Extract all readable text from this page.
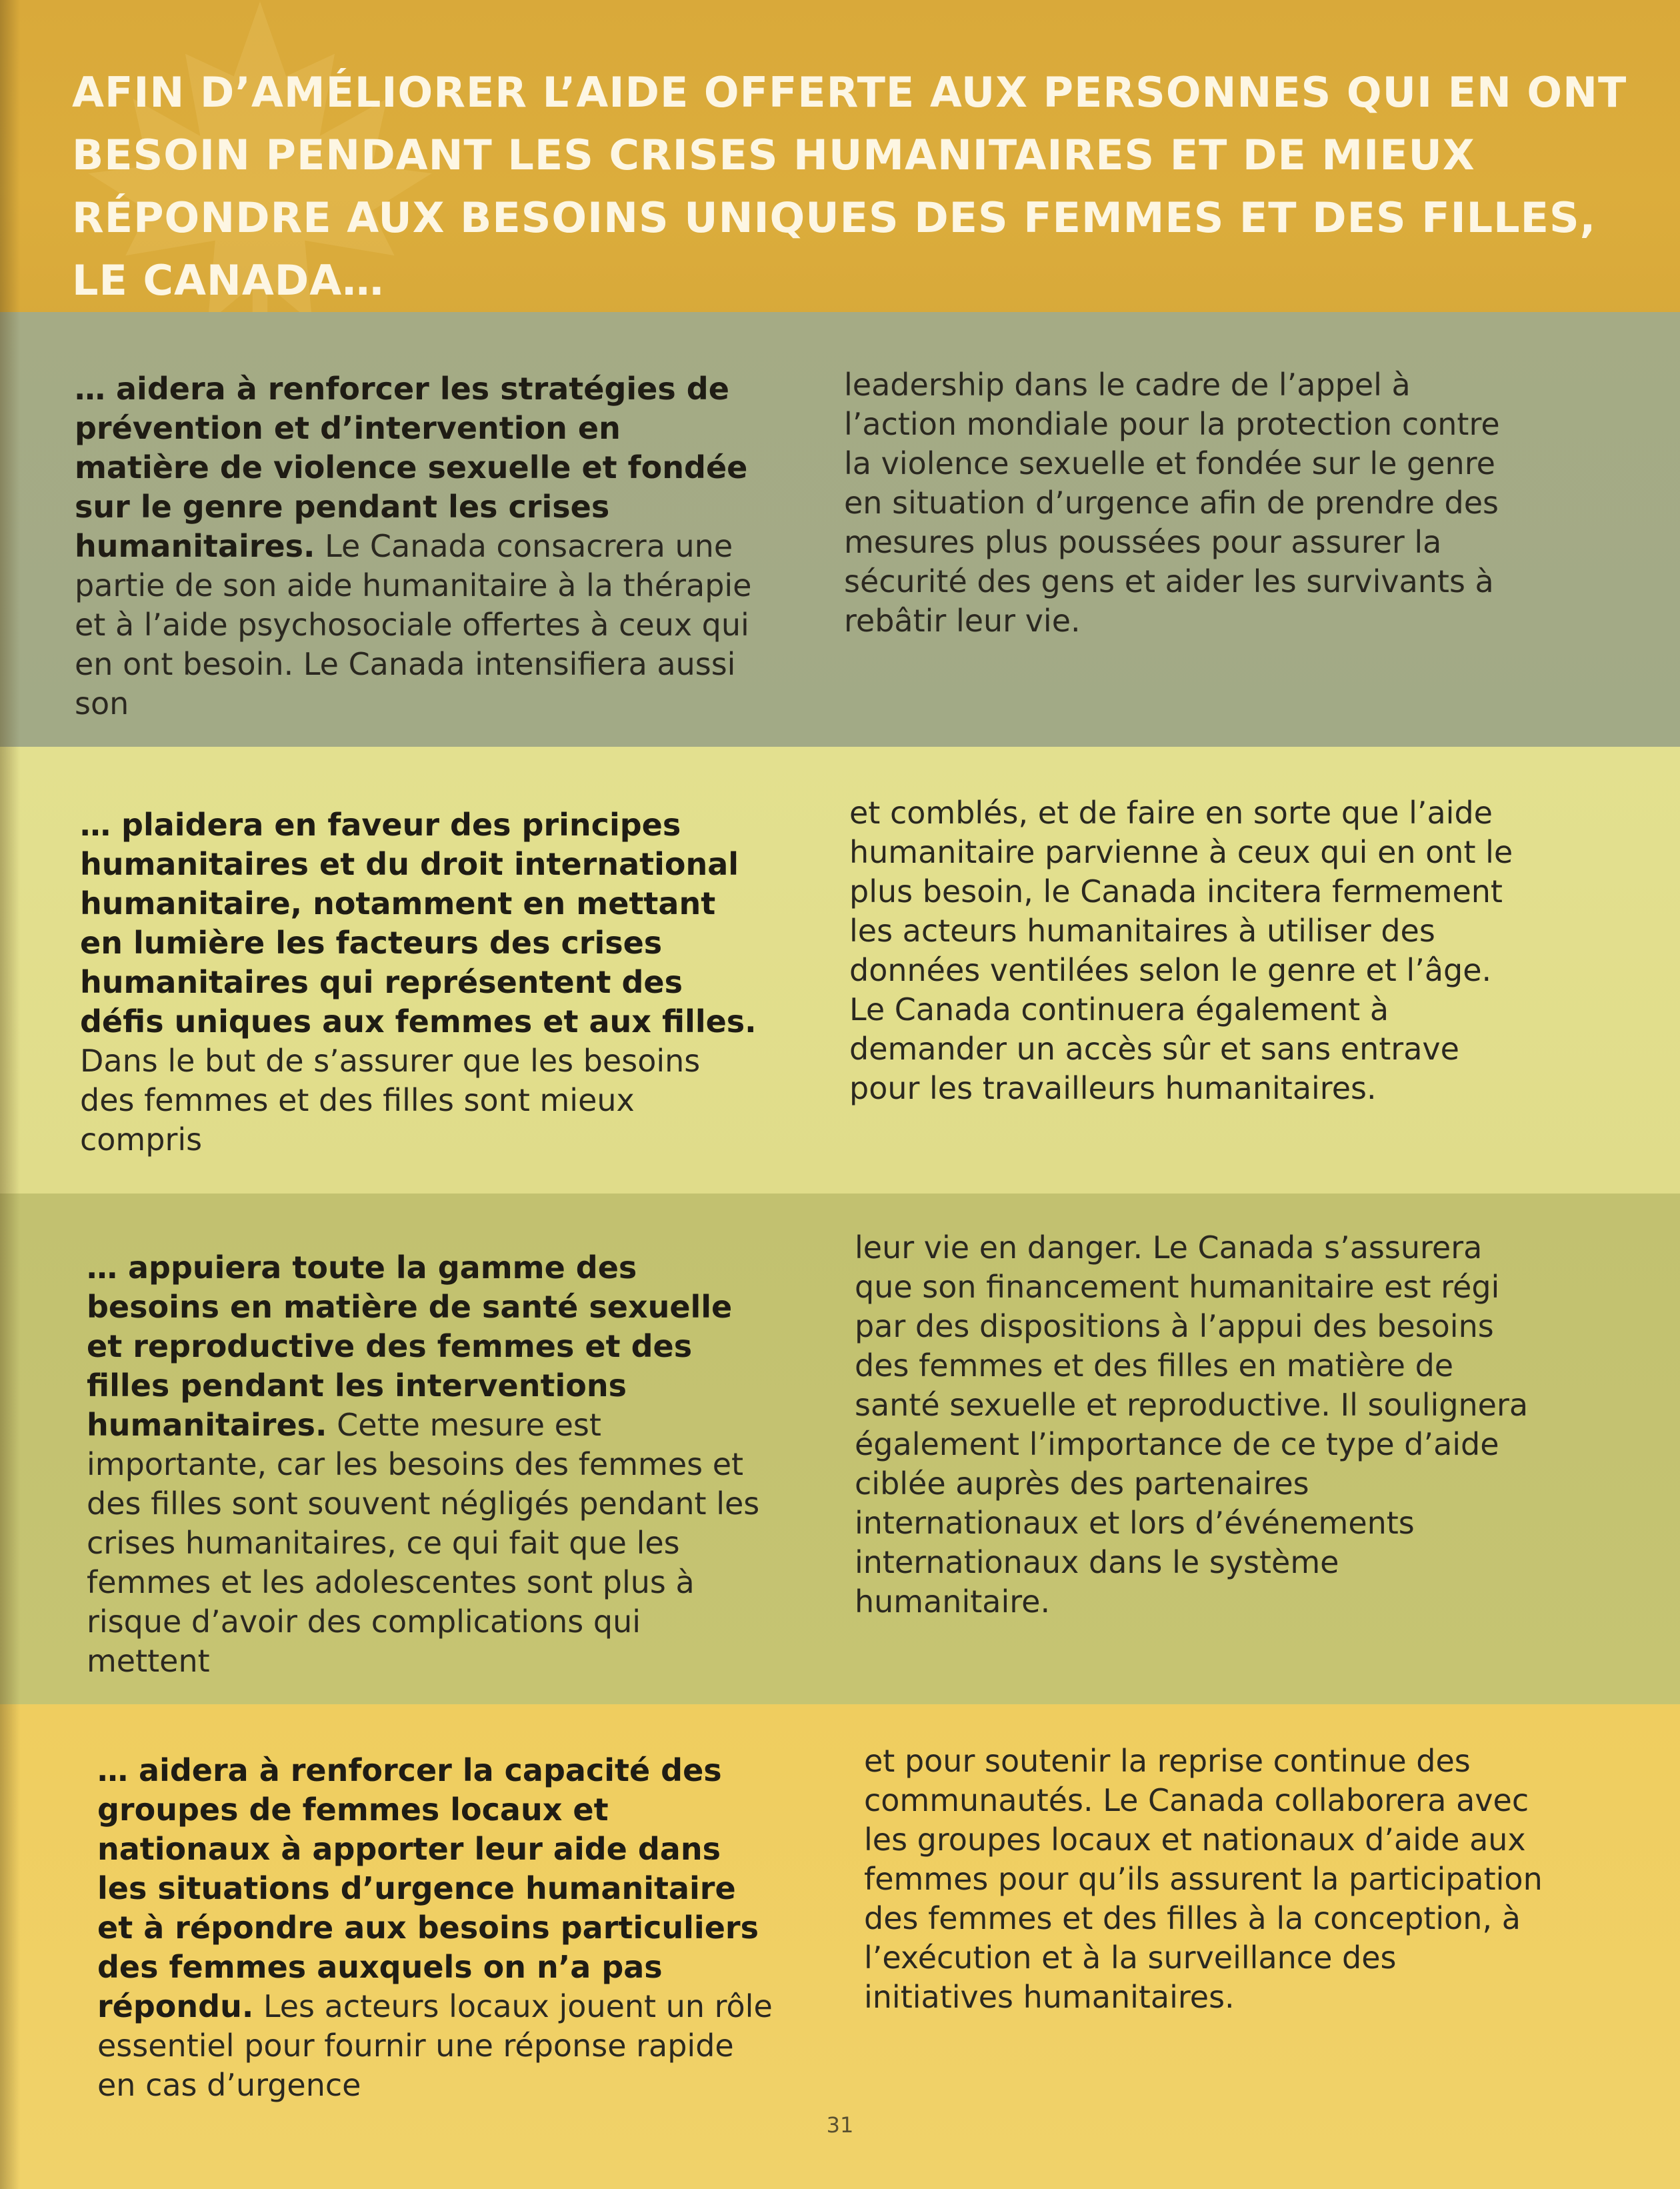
AFIN D’AMÉLIORER L’AIDE OFFERTE AUX PERSONNES QUI EN ONT BESOIN PENDANT LES CRISES HUMANITAIRES ET DE MIEUX RÉPONDRE AUX BESOINS UNIQUES DES FEMMES ET DES FILLES, LE CANADA…

… aidera à renforcer les stratégies de prévention et d’intervention en matière de violence sexuelle et fondée sur le genre pendant les crises humanitaires. Le Canada consacrera une partie de son aide humanitaire à la thérapie et à l’aide psychosociale offertes à ceux qui en ont besoin. Le Canada intensifiera aussi son

leadership dans le cadre de l’appel à l’action mondiale pour la protection contre la violence sexuelle et fondée sur le genre en situation d’urgence afin de prendre des mesures plus poussées pour assurer la sécurité des gens et aider les survivants à rebâtir leur vie.

… plaidera en faveur des principes humanitaires et du droit international humanitaire, notamment en mettant en lumière les facteurs des crises humanitaires qui représentent des défis uniques aux femmes et aux filles. Dans le but de s’assurer que les besoins des femmes et des filles sont mieux compris

et comblés, et de faire en sorte que l’aide humanitaire parvienne à ceux qui en ont le plus besoin, le Canada incitera fermement les acteurs humanitaires à utiliser des données ventilées selon le genre et l’âge. Le Canada continuera également à demander un accès sûr et sans entrave pour les travailleurs humanitaires.

… appuiera toute la gamme des besoins en matière de santé sexuelle et reproductive des femmes et des filles pendant les interventions humanitaires. Cette mesure est importante, car les besoins des femmes et des filles sont souvent négligés pendant les crises humanitaires, ce qui fait que les femmes et les adolescentes sont plus à risque d’avoir des complications qui mettent

leur vie en danger. Le Canada s’assurera que son financement humanitaire est régi par des dispositions à l’appui des besoins des femmes et des filles en matière de santé sexuelle et reproductive. Il soulignera également l’importance de ce type d’aide ciblée auprès des partenaires internationaux et lors d’événements internationaux dans le système humanitaire.

… aidera à renforcer la capacité des groupes de femmes locaux et nationaux à apporter leur aide dans les situations d’urgence humanitaire et à répondre aux besoins particuliers des femmes auxquels on n’a pas répondu. Les acteurs locaux jouent un rôle essentiel pour fournir une réponse rapide en cas d’urgence

et pour soutenir la reprise continue des communautés. Le Canada collaborera avec les groupes locaux et nationaux d’aide aux femmes pour qu’ils assurent la participation des femmes et des filles à la conception, à l’exécution et à la surveillance des initiatives humanitaires.

31
